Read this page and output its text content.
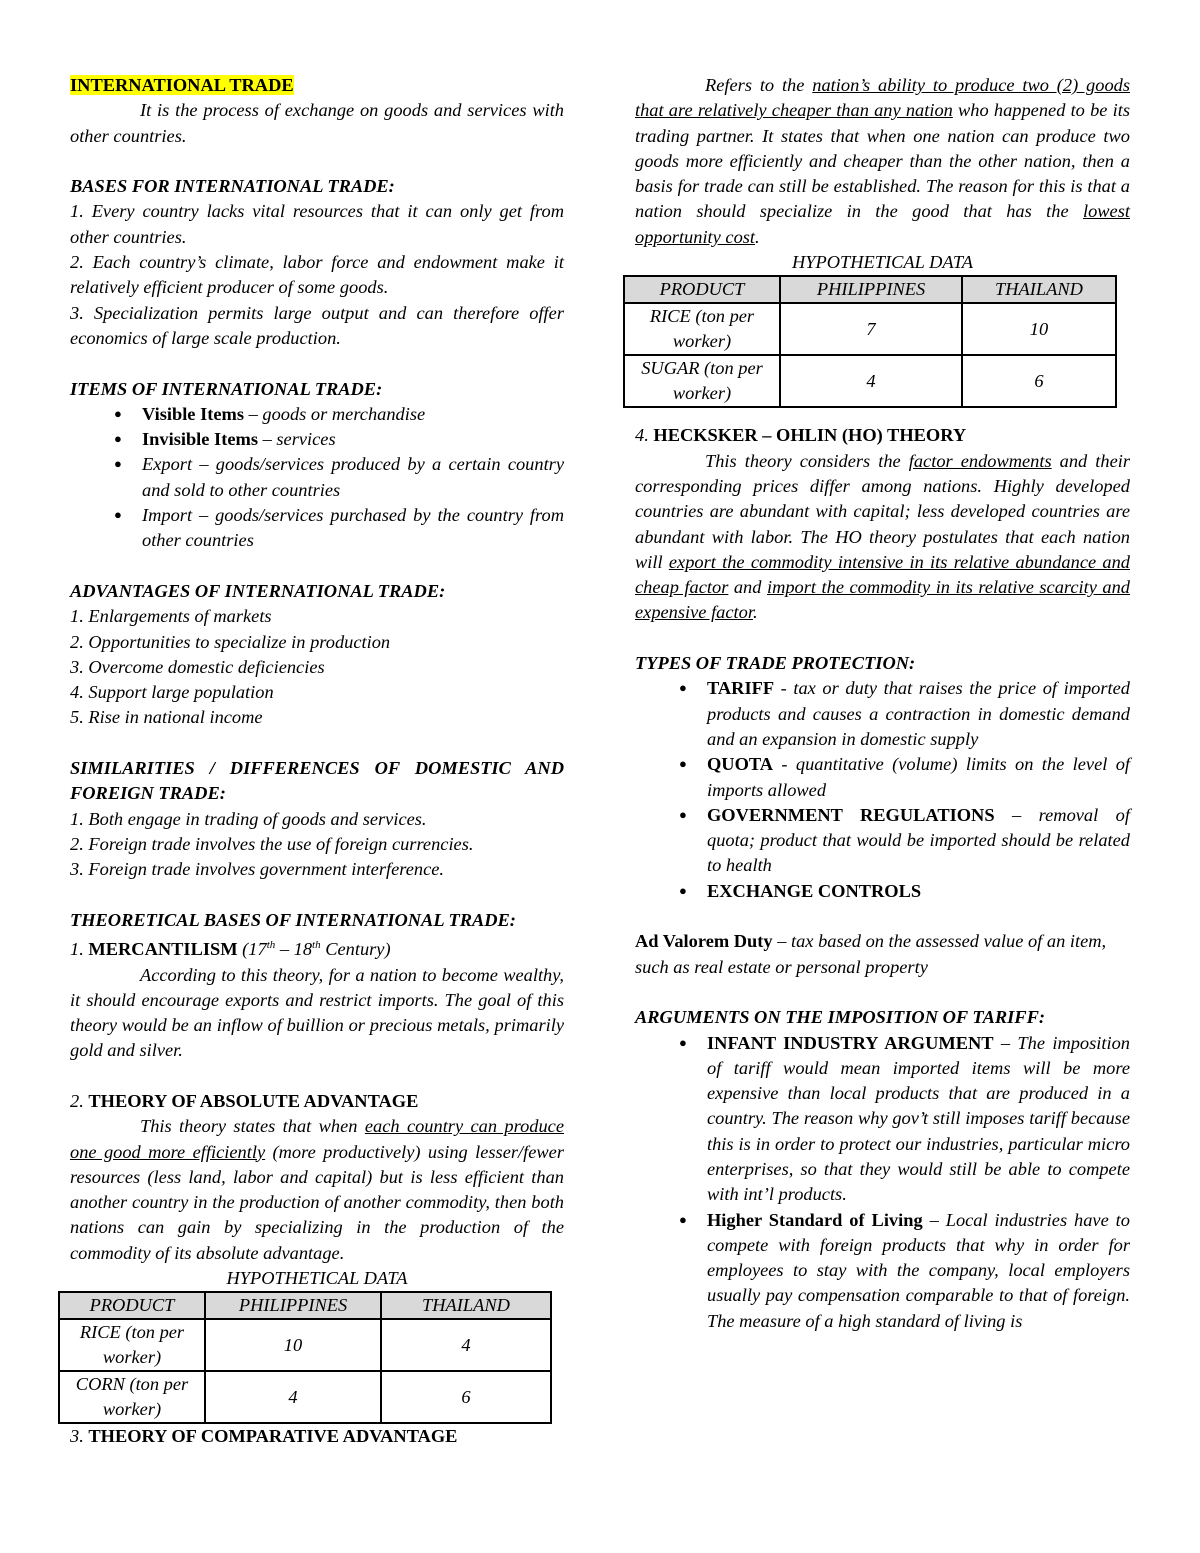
INTERNATIONAL TRADE

It is the process of exchange on goods and services with other countries.

BASES FOR INTERNATIONAL TRADE:

1. Every country lacks vital resources that it can only get from other countries.

2. Each country’s climate, labor force and endowment make it relatively efficient producer of some goods.

3. Specialization permits large output and can therefore offer economics of large scale production.

ITEMS OF INTERNATIONAL TRADE:

● Visible Items – goods or merchandise
● Invisible Items – services
● Export – goods/services produced by a certain country and sold to other countries
● Import – goods/services purchased by the country from other countries

ADVANTAGES OF INTERNATIONAL TRADE:

1. Enlargements of markets

2. Opportunities to specialize in production

3. Overcome domestic deficiencies

4. Support large population

5. Rise in national income

SIMILARITIES / DIFFERENCES OF DOMESTIC AND FOREIGN TRADE:

1. Both engage in trading of goods and services.

2. Foreign trade involves the use of foreign currencies.

3. Foreign trade involves government interference.

THEORETICAL BASES OF INTERNATIONAL TRADE:

1. MERCANTILISM (17th – 18th Century)

According to this theory, for a nation to become wealthy, it should encourage exports and restrict imports. The goal of this theory would be an inflow of buillion or precious metals, primarily gold and silver.

2. THEORY OF ABSOLUTE ADVANTAGE

This theory states that when each country can produce one good more efficiently (more productively) using lesser/fewer resources (less land, labor and capital) but is less efficient than another country in the production of another commodity, then both nations can gain by specializing in the production of the commodity of its absolute advantage.

HYPOTHETICAL DATA

PRODUCT	PHILIPPINES	THAILAND
RICE (ton per worker)	10	4
CORN (ton per worker)	4	6

3. THEORY OF COMPARATIVE ADVANTAGE

Refers to the nation’s ability to produce two (2) goods that are relatively cheaper than any nation who happened to be its trading partner. It states that when one nation can produce two goods more efficiently and cheaper than the other nation, then a basis for trade can still be established. The reason for this is that a nation should specialize in the good that has the lowest opportunity cost.

HYPOTHETICAL DATA

PRODUCT	PHILIPPINES	THAILAND
RICE (ton per worker)	7	10
SUGAR (ton per worker)	4	6

4. HECKSKER – OHLIN (HO) THEORY

This theory considers the factor endowments and their corresponding prices differ among nations. Highly developed countries are abundant with capital; less developed countries are abundant with labor. The HO theory postulates that each nation will export the commodity intensive in its relative abundance and cheap factor and import the commodity in its relative scarcity and expensive factor.

TYPES OF TRADE PROTECTION:

● TARIFF - tax or duty that raises the price of imported products and causes a contraction in domestic demand and an expansion in domestic supply
● QUOTA - quantitative (volume) limits on the level of imports allowed
● GOVERNMENT REGULATIONS – removal of quota; product that would be imported should be related to health
● EXCHANGE CONTROLS

Ad Valorem Duty – tax based on the assessed value of an item, such as real estate or personal property

ARGUMENTS ON THE IMPOSITION OF TARIFF:

● INFANT INDUSTRY ARGUMENT – The imposition of tariff would mean imported items will be more expensive than local products that are produced in a country. The reason why gov’t still imposes tariff because this is in order to protect our industries, particular micro enterprises, so that they would still be able to compete with int’l products.
● Higher Standard of Living – Local industries have to compete with foreign products that why in order for employees to stay with the company, local employers usually pay compensation comparable to that of foreign. The measure of a high standard of living is
